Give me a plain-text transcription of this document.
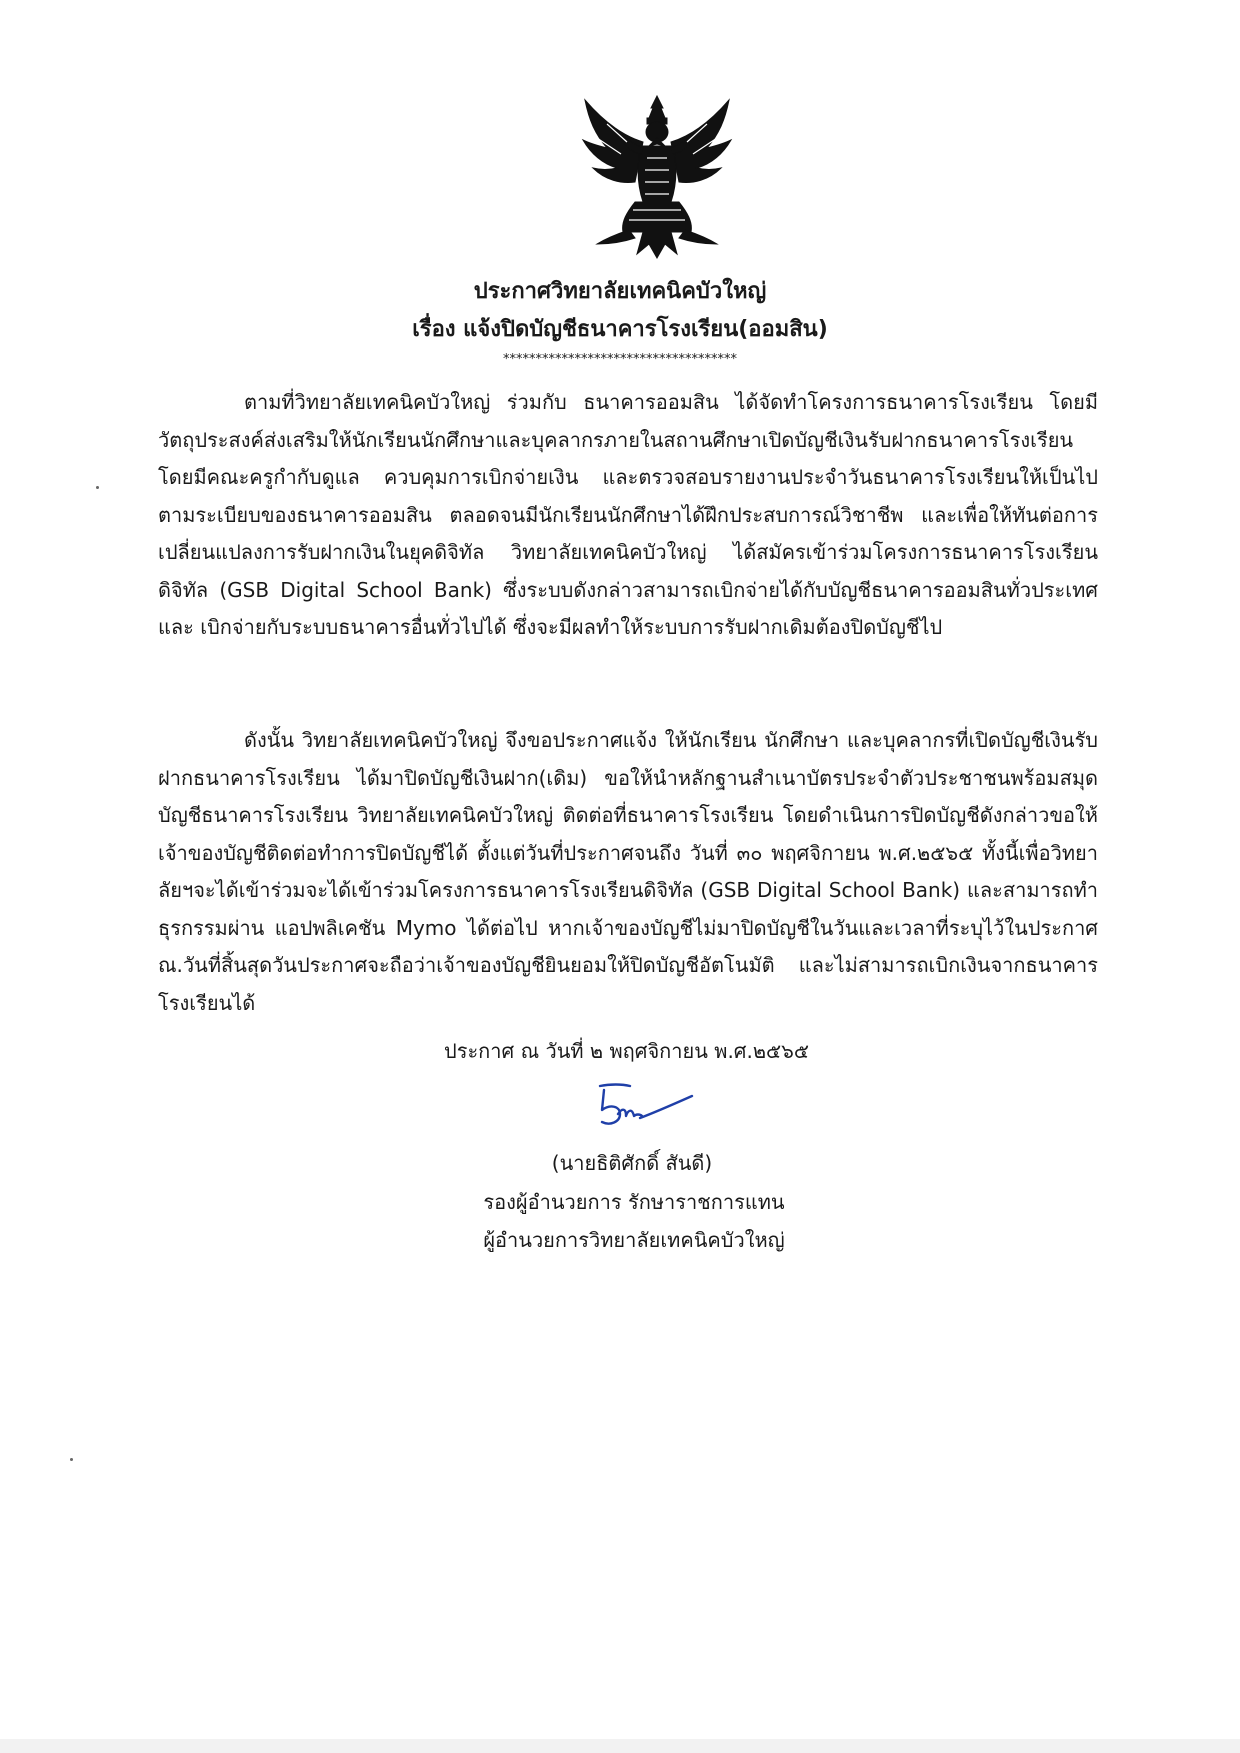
ประกาศวิทยาลัยเทคนิคบัวใหญ่
เรื่อง แจ้งปิดบัญชีธนาคารโรงเรียน(ออมสิน)
************************************

ตามที่วิทยาลัยเทคนิคบัวใหญ่ ร่วมกับ ธนาคารออมสิน ได้จัดทำโครงการธนาคารโรงเรียน โดยมีวัตถุประสงค์ส่งเสริมให้นักเรียนนักศึกษาและบุคลากรภายในสถานศึกษาเปิดบัญชีเงินรับฝากธนาคารโรงเรียน โดยมีคณะครูกำกับดูแล ควบคุมการเบิกจ่ายเงิน และตรวจสอบรายงานประจำวันธนาคารโรงเรียนให้เป็นไปตามระเบียบของธนาคารออมสิน ตลอดจนมีนักเรียนนักศึกษาได้ฝึกประสบการณ์วิชาชีพ และเพื่อให้ทันต่อการเปลี่ยนแปลงการรับฝากเงินในยุคดิจิทัล วิทยาลัยเทคนิคบัวใหญ่ ได้สมัครเข้าร่วมโครงการธนาคารโรงเรียนดิจิทัล (GSB Digital School Bank) ซึ่งระบบดังกล่าวสามารถเบิกจ่ายได้กับบัญชีธนาคารออมสินทั่วประเทศ และ เบิกจ่ายกับระบบธนาคารอื่นทั่วไปได้ ซึ่งจะมีผลทำให้ระบบการรับฝากเดิมต้องปิดบัญชีไป

ดังนั้น วิทยาลัยเทคนิคบัวใหญ่ จึงขอประกาศแจ้ง ให้นักเรียน นักศึกษา และบุคลากรที่เปิดบัญชีเงินรับฝากธนาคารโรงเรียน ได้มาปิดบัญชีเงินฝาก(เดิม) ขอให้นำหลักฐานสำเนาบัตรประจำตัวประชาชนพร้อมสมุดบัญชีธนาคารโรงเรียน วิทยาลัยเทคนิคบัวใหญ่ ติดต่อที่ธนาคารโรงเรียน โดยดำเนินการปิดบัญชีดังกล่าวขอให้เจ้าของบัญชีติดต่อทำการปิดบัญชีได้ ตั้งแต่วันที่ประกาศจนถึง วันที่ ๓๐ พฤศจิกายน พ.ศ.๒๕๖๕ ทั้งนี้เพื่อวิทยาลัยฯจะได้เข้าร่วมจะได้เข้าร่วมโครงการธนาคารโรงเรียนดิจิทัล (GSB Digital School Bank) และสามารถทำธุรกรรมผ่าน แอปพลิเคชัน Mymo ได้ต่อไป หากเจ้าของบัญชีไม่มาปิดบัญชีในวันและเวลาที่ระบุไว้ในประกาศ ณ.วันที่สิ้นสุดวันประกาศจะถือว่าเจ้าของบัญชียินยอมให้ปิดบัญชีอัตโนมัติ และไม่สามารถเบิกเงินจากธนาคารโรงเรียนได้

ประกาศ ณ วันที่ ๒ พฤศจิกายน พ.ศ.๒๕๖๕
(นายธิติศักดิ์ สันดี)
รองผู้อำนวยการ รักษาราชการแทน
ผู้อำนวยการวิทยาลัยเทคนิคบัวใหญ่
